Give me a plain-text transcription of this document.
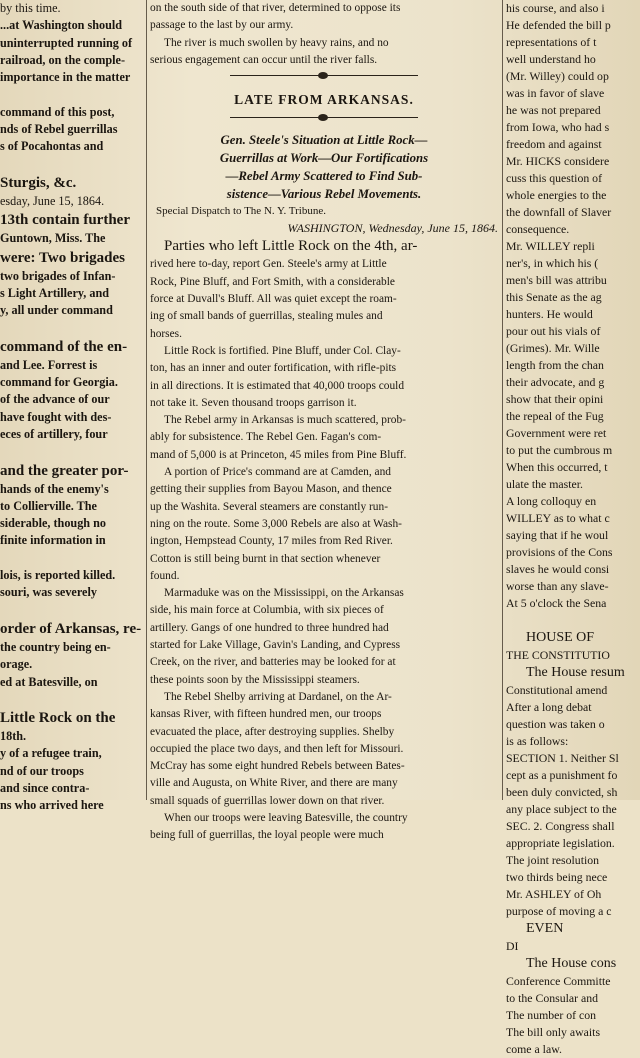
by this time.
...at Washington should
uninterrupted running of
railroad, on the comple-
importance in the matter

command of this post,
nds of Rebel guerrillas
s of Pocahontas and

Sturgis, &c.
esday, June 15, 1864.
13th contain further
Guntown, Miss. The
were: Two brigades
two brigades of Infan-
s Light Artillery, and
y, all under command

command of the en-
and Lee. Forrest is
command for Georgia.
of the advance of our
have fought with des-
eces of artillery, four

and the greater por-
hands of the enemy's
to Collierville. The
siderable, though no
finite information in

lois, is reported killed.
souri, was severely

order of Arkansas, re-
the country being en-
orage.
ed at Batesville, on

Little Rock on the
18th.
y of a refugee train,
nd of our troops
and since contra-
ns who arrived here

on the south side of that river, determined to oppose its
passage to the last by our army.
The river is much swollen by heavy rains, and no
serious engagement can occur until the river falls.
LATE FROM ARKANSAS.
Gen. Steele's Situation at Little Rock—
Guerrillas at Work—Our Fortifications
—Rebel Army Scattered to Find Sub-
sistence—Various Rebel Movements.
Special Dispatch to The N. Y. Tribune.
WASHINGTON, Wednesday, June 15, 1864.
Parties who left Little Rock on the 4th, ar-
rived here to-day, report Gen. Steele's army at Little
Rock, Pine Bluff, and Fort Smith, with a considerable
force at Duvall's Bluff. All was quiet except the roam-
ing of small bands of guerrillas, stealing mules and
horses.
Little Rock is fortified. Pine Bluff, under Col. Clay-
ton, has an inner and outer fortification, with rifle-pits
in all directions. It is estimated that 40,000 troops could
not take it. Seven thousand troops garrison it.
The Rebel army in Arkansas is much scattered, prob-
ably for subsistence. The Rebel Gen. Fagan's com-
mand of 5,000 is at Princeton, 45 miles from Pine Bluff.
A portion of Price's command are at Camden, and
getting their supplies from Bayou Mason, and thence
up the Washita. Several steamers are constantly run-
ning on the route. Some 3,000 Rebels are also at Wash-
ington, Hempstead County, 17 miles from Red River.
Cotton is still being burnt in that section whenever
found.
Marmaduke was on the Mississippi, on the Arkansas
side, his main force at Columbia, with six pieces of
artillery. Gangs of one hundred to three hundred had
started for Lake Village, Gavin's Landing, and Cypress
Creek, on the river, and batteries may be looked for at
these points soon by the Mississippi steamers.
The Rebel Shelby arriving at Dardanel, on the Ar-
kansas River, with fifteen hundred men, our troops
evacuated the place, after destroying supplies. Shelby
occupied the place two days, and then left for Missouri.
McCray has some eight hundred Rebels between Bates-
ville and Augusta, on White River, and there are many
small squads of guerrillas lower down on that river.
When our troops were leaving Batesville, the country
being full of guerrillas, the loyal people were much
his course, and also i
He defended the bill p
representations of t
well understand ho
(Mr. Willey) could op
was in favor of slave
he was not prepared
from Iowa, who had s
freedom and against
Mr. HICKS considere
cuss this question of
whole energies to the
the downfall of Slaver
consequence.
Mr. WILLEY repli
ner's, in which his (
men's bill was attribu
this Senate as the ag
hunters. He would
pour out his vials of
(Grimes). Mr. Wille
length from the chan
their advocate, and g
show that their opini
the repeal of the Fug
Government were ret
to put the cumbrous m
When this occurred, t
ulate the master.
A long colloquy en
WILLEY as to what c
saying that if he woul
provisions of the Cons
slaves he would consi
worse than any slave-
At 5 o'clock the Sena

HOUSE OF
THE CONSTITUTIO
The House resum
Constitutional amend
After a long debat
question was taken o
is as follows:
SECTION 1. Neither Sl
cept as a punishment fo
been duly convicted, sh
any place subject to the
SEC. 2. Congress shall
appropriate legislation.
The joint resolution
two thirds being nece
Mr. ASHLEY of Oh
purpose of moving a c
EVEN
DI
The House cons
Conference Committe
to the Consular and
The number of con
The bill only awaits
come a law.
